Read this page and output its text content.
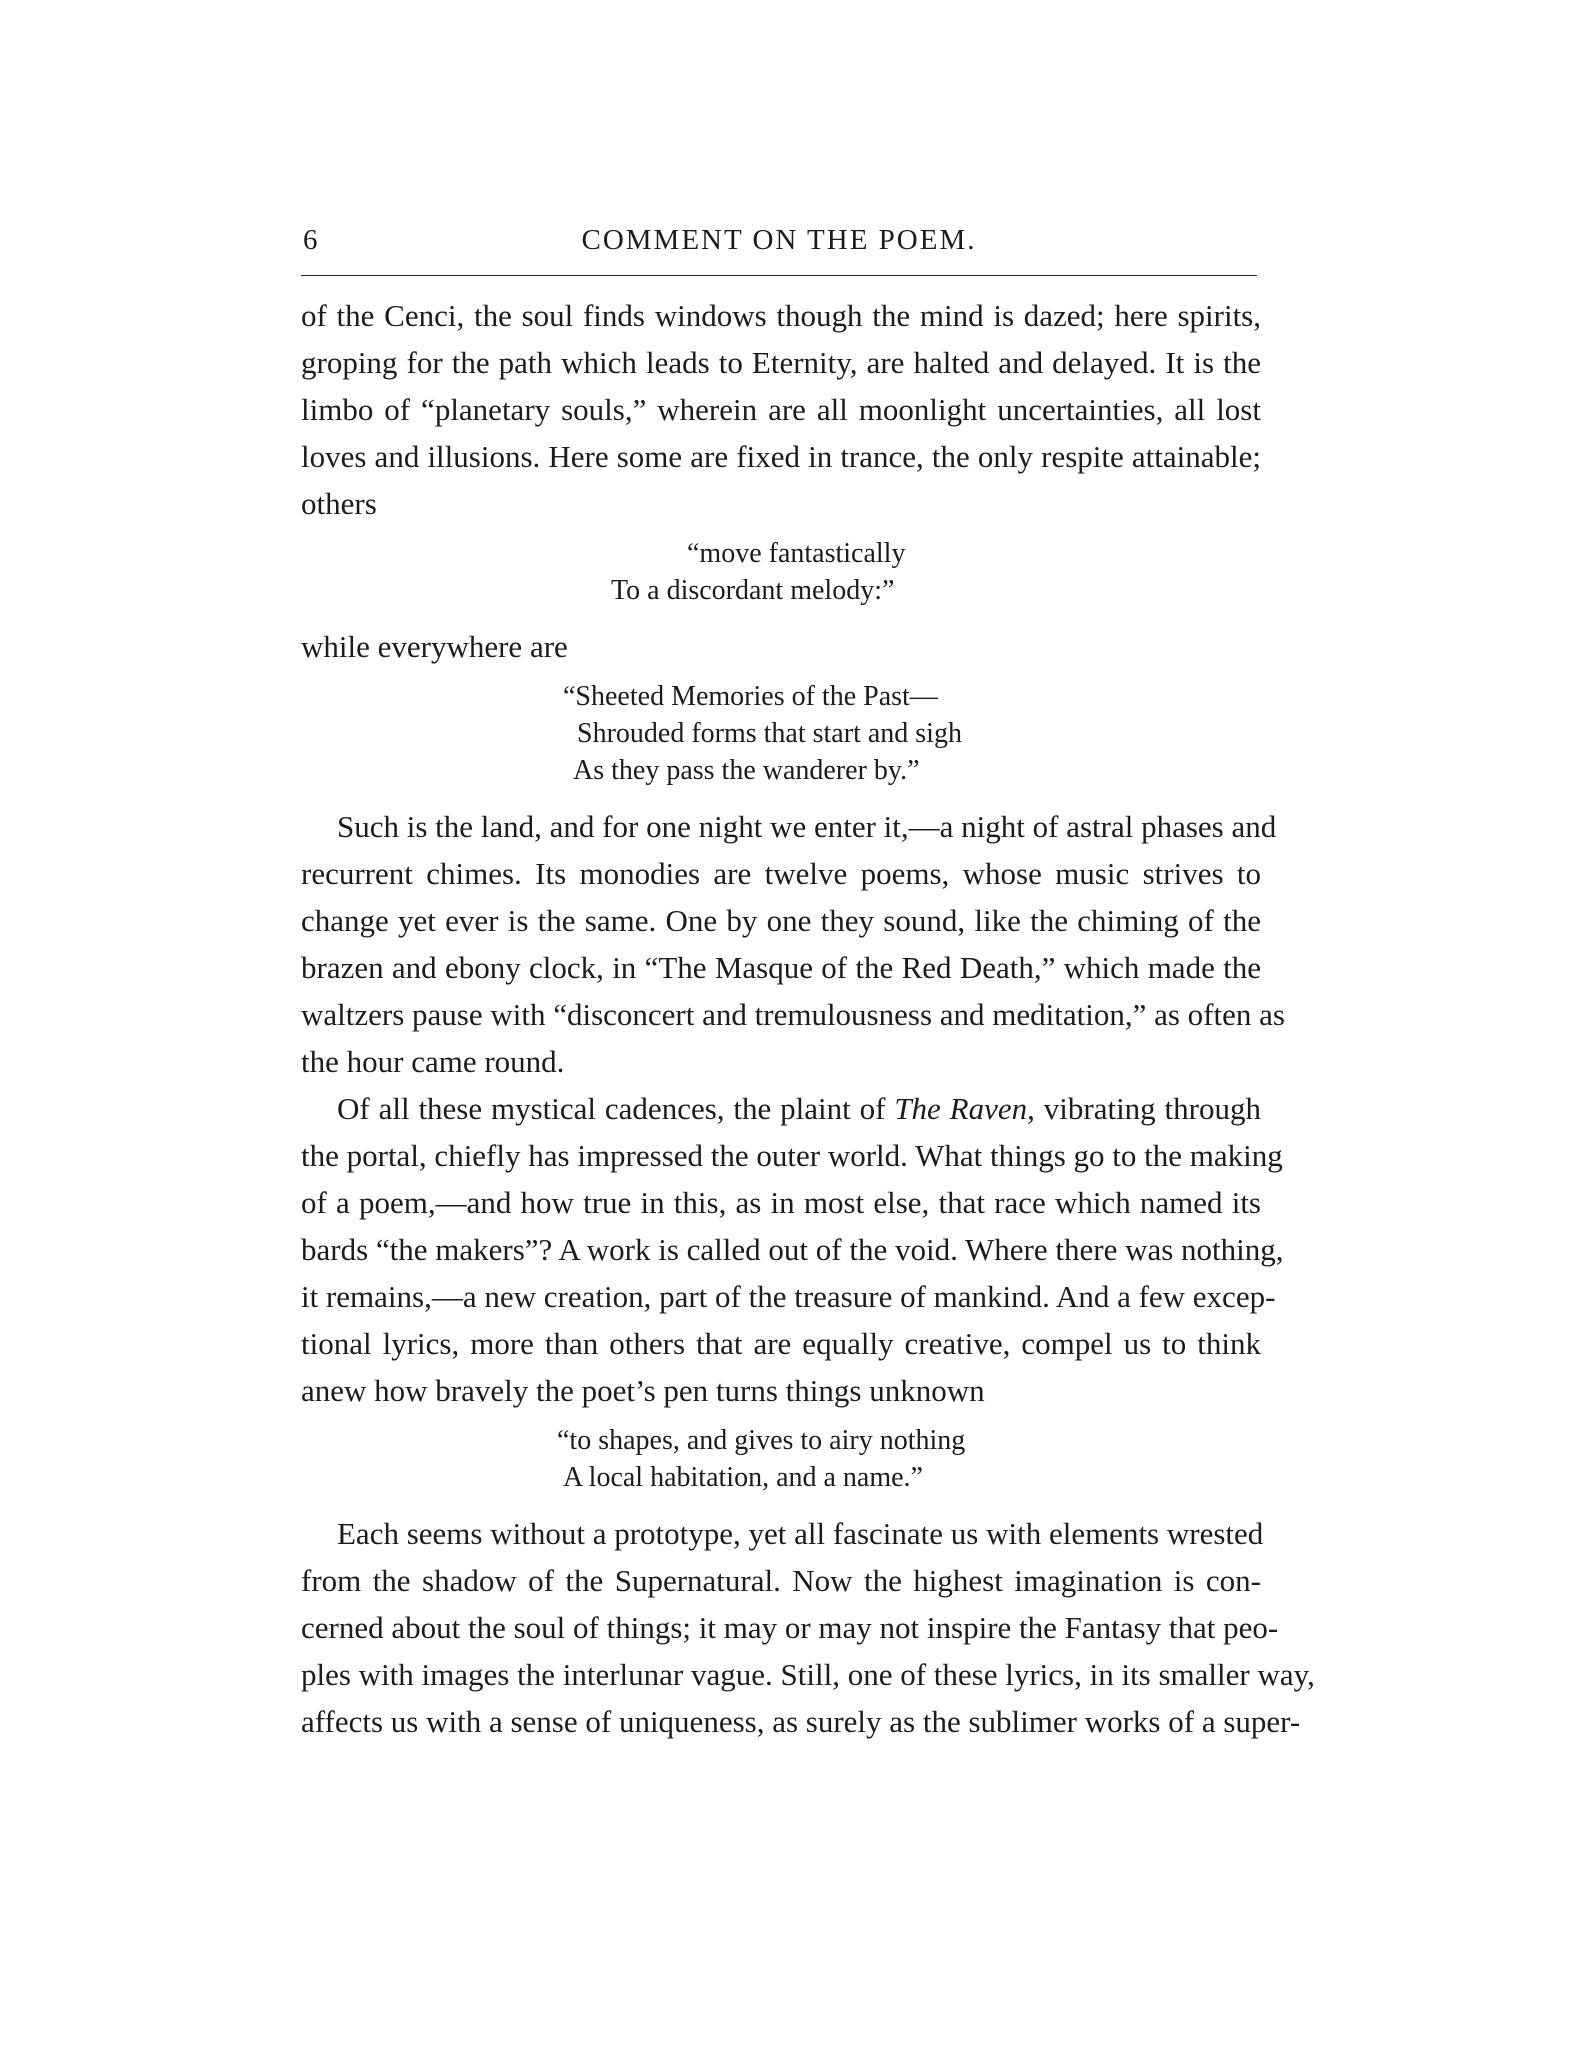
6	COMMENT ON THE POEM.
of the Cenci, the soul finds windows though the mind is dazed; here spirits,
groping for the path which leads to Eternity, are halted and delayed. It is the
limbo of “planetary souls,” wherein are all moonlight uncertainties, all lost
loves and illusions. Here some are fixed in trance, the only respite attainable;
others
“move fantastically
To a discordant melody:”
while everywhere are
“Sheeted Memories of the Past—
Shrouded forms that start and sigh
As they pass the wanderer by.”
Such is the land, and for one night we enter it,—a night of astral phases and
recurrent chimes. Its monodies are twelve poems, whose music strives to
change yet ever is the same. One by one they sound, like the chiming of the
brazen and ebony clock, in “The Masque of the Red Death,” which made the
waltzers pause with “disconcert and tremulousness and meditation,” as often as
the hour came round.
Of all these mystical cadences, the plaint of The Raven, vibrating through
the portal, chiefly has impressed the outer world. What things go to the making
of a poem,—and how true in this, as in most else, that race which named its
bards “the makers”? A work is called out of the void. Where there was nothing,
it remains,—a new creation, part of the treasure of mankind. And a few excep-
tional lyrics, more than others that are equally creative, compel us to think
anew how bravely the poet’s pen turns things unknown
“to shapes, and gives to airy nothing
A local habitation, and a name.”
Each seems without a prototype, yet all fascinate us with elements wrested
from the shadow of the Supernatural. Now the highest imagination is con-
cerned about the soul of things; it may or may not inspire the Fantasy that peo-
ples with images the interlunar vague. Still, one of these lyrics, in its smaller way,
affects us with a sense of uniqueness, as surely as the sublimer works of a super-
